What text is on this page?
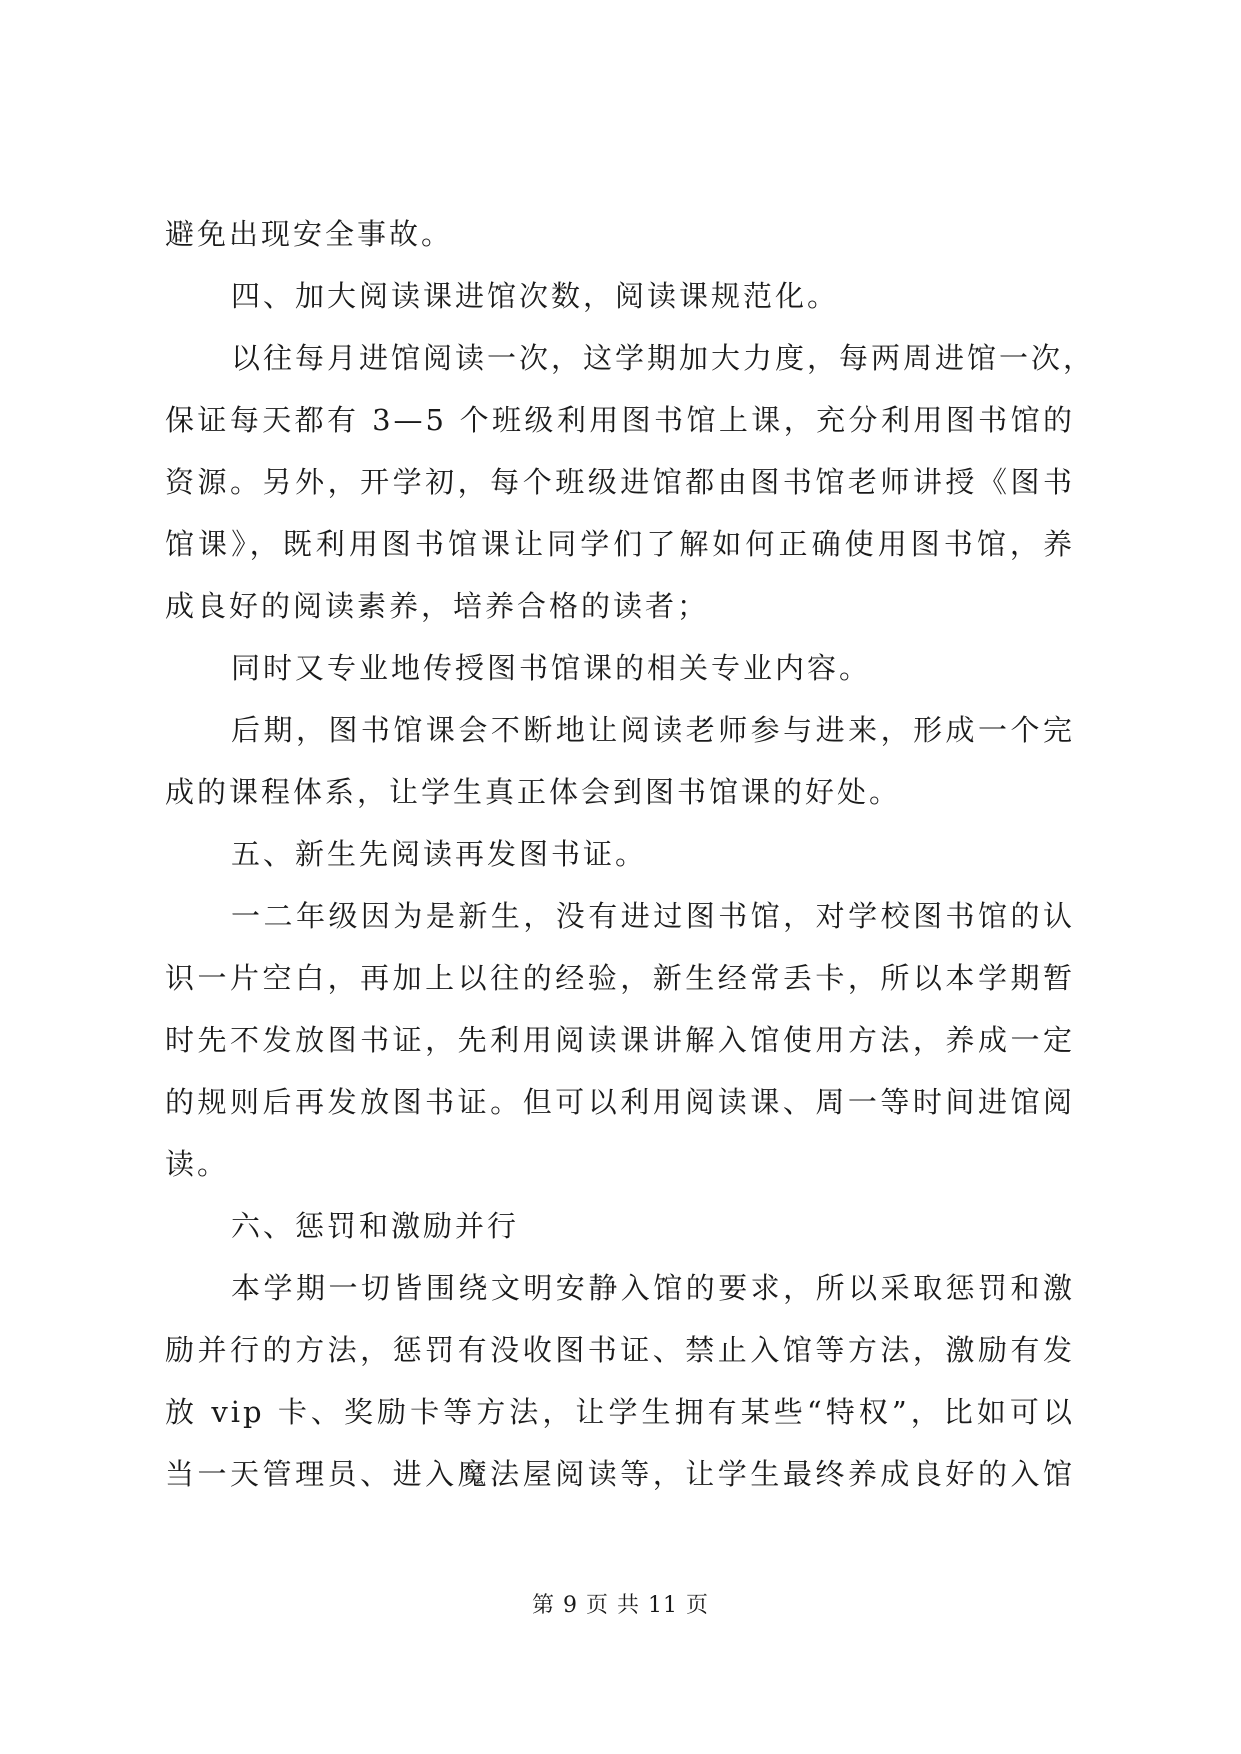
避免出现安全事故。
四、加大阅读课进馆次数，阅读课规范化。
以往每月进馆阅读一次，这学期加大力度，每两周进馆一次，
保证每天都有 3—5 个班级利用图书馆上课，充分利用图书馆的
资源。另外，开学初，每个班级进馆都由图书馆老师讲授《图书
馆课》，既利用图书馆课让同学们了解如何正确使用图书馆，养
成良好的阅读素养，培养合格的读者；
同时又专业地传授图书馆课的相关专业内容。
后期，图书馆课会不断地让阅读老师参与进来，形成一个完
成的课程体系，让学生真正体会到图书馆课的好处。
五、新生先阅读再发图书证。
一二年级因为是新生，没有进过图书馆，对学校图书馆的认
识一片空白，再加上以往的经验，新生经常丢卡，所以本学期暂
时先不发放图书证，先利用阅读课讲解入馆使用方法，养成一定
的规则后再发放图书证。但可以利用阅读课、周一等时间进馆阅
读。
六、惩罚和激励并行
本学期一切皆围绕文明安静入馆的要求，所以采取惩罚和激
励并行的方法，惩罚有没收图书证、禁止入馆等方法，激励有发
放 vip 卡、奖励卡等方法，让学生拥有某些“特权”，比如可以
当一天管理员、进入魔法屋阅读等，让学生最终养成良好的入馆
第 9 页 共 11 页
